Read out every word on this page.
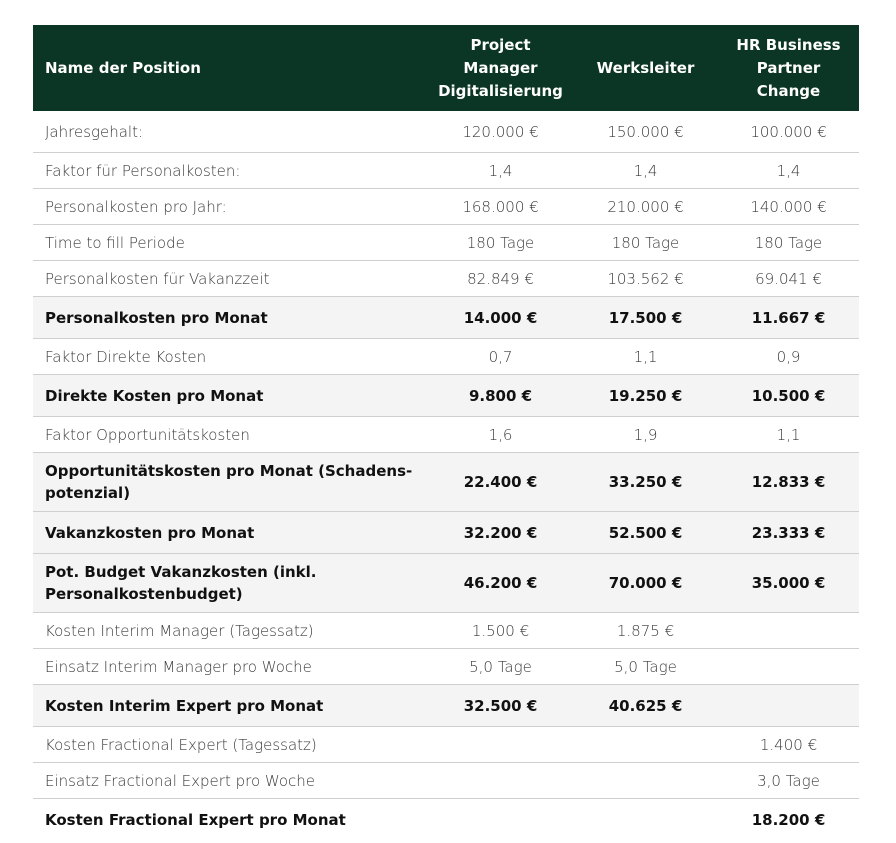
Name der Position	Project Manager Digitalisierung	Werksleiter	HR Business Partner Change
Jahresgehalt:	120.000 €	150.000 €	100.000 €
Faktor für Personalkosten:	1,4	1,4	1,4
Personalkosten pro Jahr:	168.000 €	210.000 €	140.000 €
Time to fill Periode	180 Tage	180 Tage	180 Tage
Personalkosten für Vakanzzeit	82.849 €	103.562 €	69.041 €
Personalkosten pro Monat	14.000 €	17.500 €	11.667 €
Faktor Direkte Kosten	0,7	1,1	0,9
Direkte Kosten pro Monat	9.800 €	19.250 €	10.500 €
Faktor Opportunitätskosten	1,6	1,9	1,1
Opportunitätskosten pro Monat (Schadens-potenzial)	22.400 €	33.250 €	12.833 €
Vakanzkosten pro Monat	32.200 €	52.500 €	23.333 €
Pot. Budget Vakanzkosten (inkl. Personalkostenbudget)	46.200 €	70.000 €	35.000 €
Kosten Interim Manager (Tagessatz)	1.500 €	1.875 €	
Einsatz Interim Manager pro Woche	5,0 Tage	5,0 Tage	
Kosten Interim Expert pro Monat	32.500 €	40.625 €	
Kosten Fractional Expert (Tagessatz)			1.400 €
Einsatz Fractional Expert pro Woche			3,0 Tage
Kosten Fractional Expert pro Monat			18.200 €
